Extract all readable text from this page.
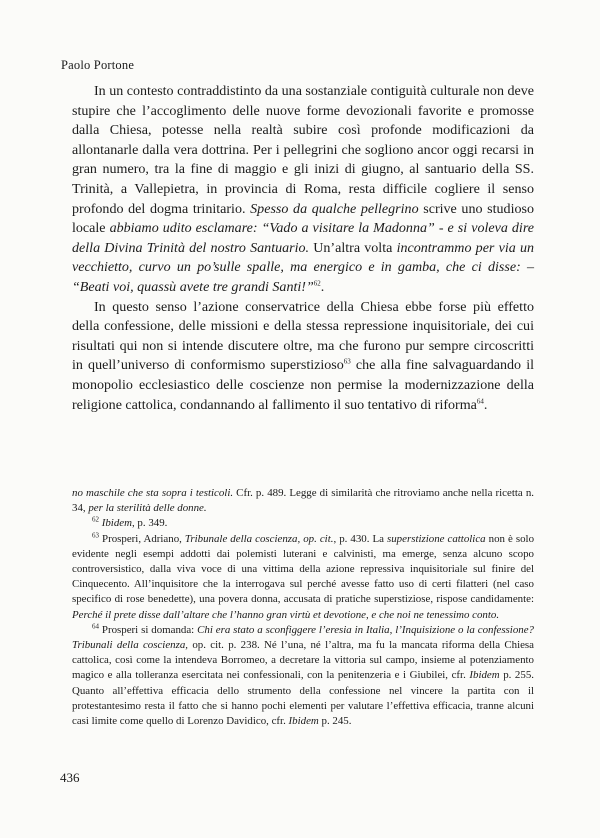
Paolo Portone

In un contesto contraddistinto da una sostanziale contiguità culturale non deve stupire che l’accoglimento delle nuove forme devozionali favorite e promosse dalla Chiesa, potesse nella realtà subire così profonde modificazioni da allontanarle dalla vera dottrina. Per i pellegrini che sogliono ancor oggi recarsi in gran numero, tra la fine di maggio e gli inizi di giugno, al santuario della SS. Trinità, a Vallepietra, in provincia di Roma, resta difficile cogliere il senso profondo del dogma trinitario. Spesso da qualche pellegrino scrive uno studioso locale abbiamo udito esclamare: “Vado a visitare la Madonna” - e si voleva dire della Divina Trinità del nostro Santuario. Un’altra volta incontrammo per via un vecchietto, curvo un po’sulle spalle, ma energico e in gamba, che ci disse: – “Beati voi, quassù avete tre grandi Santi!”$^{62}$.

In questo senso l’azione conservatrice della Chiesa ebbe forse più effetto della confessione, delle missioni e della stessa repressione inquisitoriale, dei cui risultati qui non si intende discutere oltre, ma che furono pur sempre circoscritti in quell’universo di conformismo superstizioso$^{63}$ che alla fine salvaguardando il monopolio ecclesiastico delle coscienze non permise la modernizzazione della religione cattolica, condannando al fallimento il suo tentativo di riforma$^{64}$.

no maschile che sta sopra i testicoli. Cfr. p. 489. Legge di similarità che ritroviamo anche nella ricetta n. 34, per la sterilità delle donne.

$^{62}$ Ibidem, p. 349.

$^{63}$ Prosperi, Adriano, Tribunale della coscienza, op. cit., p. 430. La superstizione cattolica non è solo evidente negli esempi addotti dai polemisti luterani e calvinisti, ma emerge, senza alcuno scopo controversistico, dalla viva voce di una vittima della azione repressiva inquisitoriale sul finire del Cinquecento. All’inquisitore che la interrogava sul perché avesse fatto uso di certi filatteri (nel caso specifico di rose benedette), una povera donna, accusata di pratiche superstiziose, rispose candidamente: Perché il prete disse dall’altare che l’hanno gran virtù et devotione, e che noi ne tenessimo conto.

$^{64}$ Prosperi si domanda: Chi era stato a sconfiggere l’eresia in Italia, l’Inquisizione o la confessione? Tribunali della coscienza, op. cit. p. 238. Né l’una, né l’altra, ma fu la mancata riforma della Chiesa cattolica, così come la intendeva Borromeo, a decretare la vittoria sul campo, insieme al potenziamento magico e alla tolleranza esercitata nei confessionali, con la penitenzeria e i Giubilei, cfr. Ibidem p. 255. Quanto all’effettiva efficacia dello strumento della confessione nel vincere la partita con il protestantesimo resta il fatto che si hanno pochi elementi per valutare l’effettiva efficacia, tranne alcuni casi limite come quello di Lorenzo Davidico, cfr. Ibidem p. 245.

436
